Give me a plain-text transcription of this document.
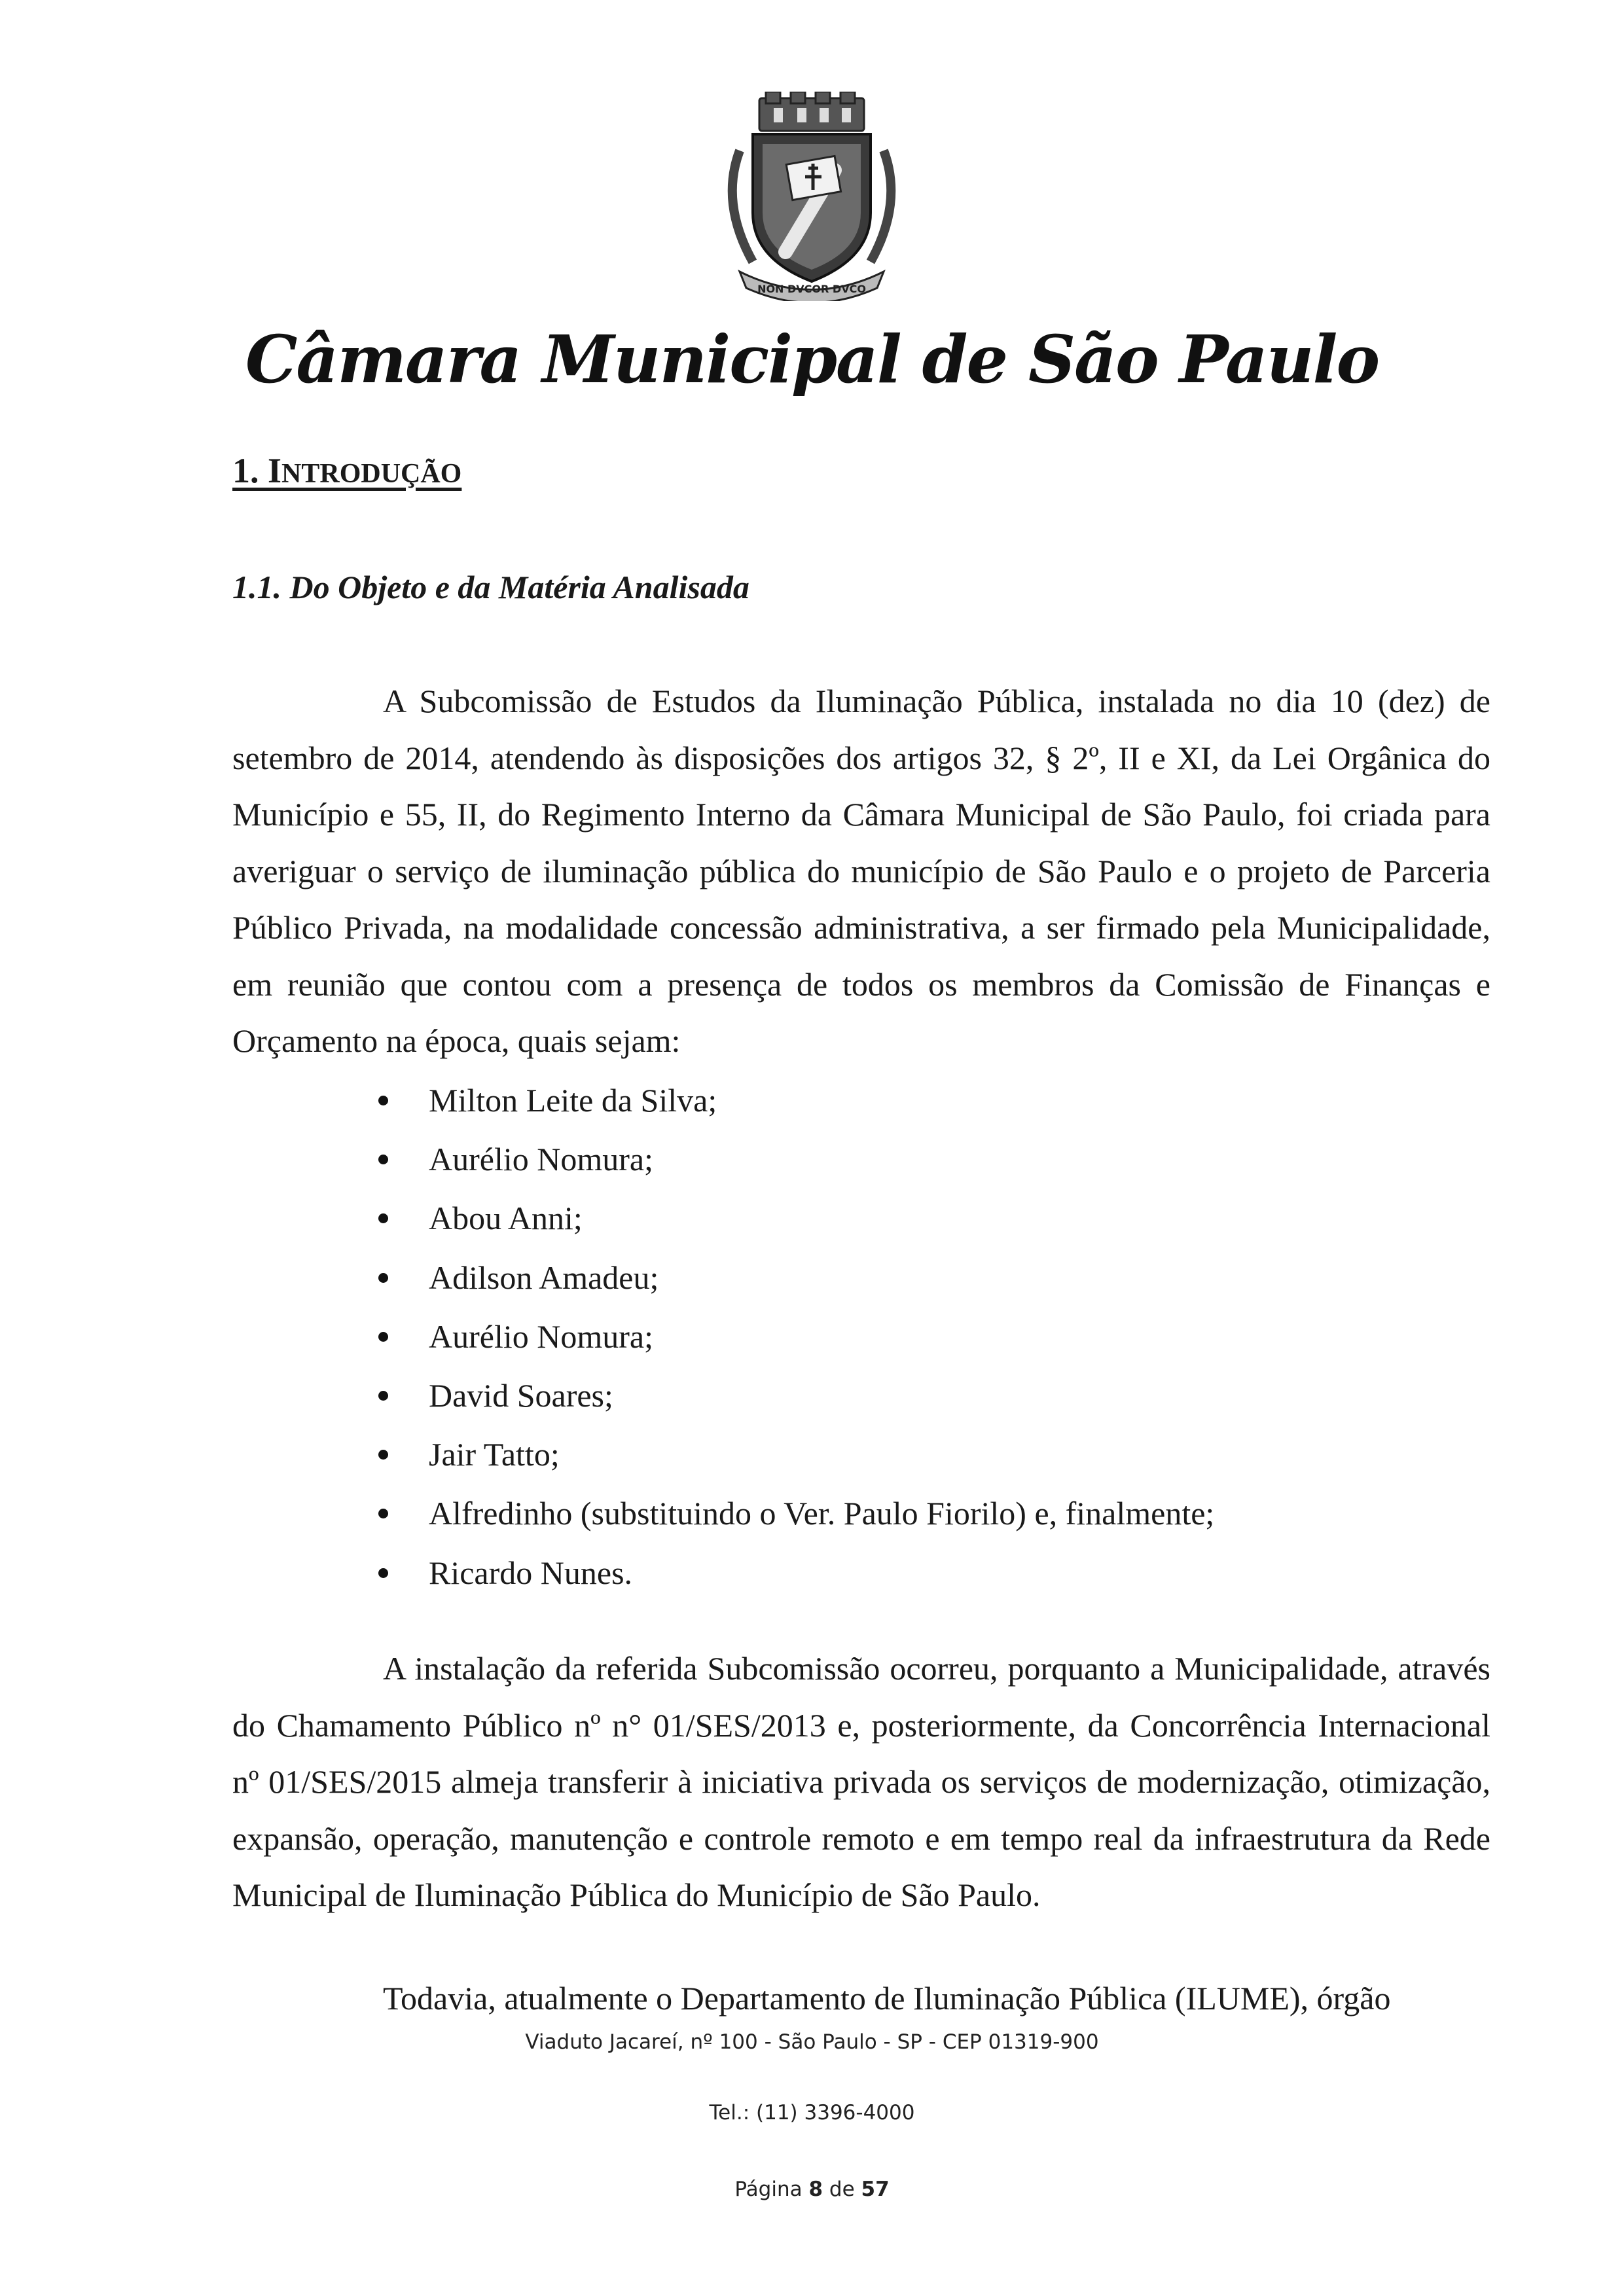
NON DVCOR DVCO
Câmara Municipal de São Paulo
1. INTRODUÇÃO
1.1. Do Objeto e da Matéria Analisada

A Subcomissão de Estudos da Iluminação Pública, instalada no dia 10 (dez) de setembro de 2014, atendendo às disposições dos artigos 32, § 2º, II e XI, da Lei Orgânica do Município e 55, II, do Regimento Interno da Câmara Municipal de São Paulo, foi criada para averiguar o serviço de iluminação pública do município de São Paulo e o projeto de Parceria Público Privada, na modalidade concessão administrativa, a ser firmado pela Municipalidade, em reunião que contou com a presença de todos os membros da Comissão de Finanças e Orçamento na época, quais sejam:

Milton Leite da Silva;
Aurélio Nomura;
Abou Anni;
Adilson Amadeu;
Aurélio Nomura;
David Soares;
Jair Tatto;
Alfredinho (substituindo o Ver. Paulo Fiorilo) e, finalmente;
Ricardo Nunes.

A instalação da referida Subcomissão ocorreu, porquanto a Municipalidade, através do Chamamento Público nº n° 01/SES/2013 e, posteriormente, da Concorrência Internacional nº 01/SES/2015 almeja transferir à iniciativa privada os serviços de modernização, otimização, expansão, operação, manutenção e controle remoto e em tempo real da infraestrutura da Rede Municipal de Iluminação Pública do Município de São Paulo.

Todavia, atualmente o Departamento de Iluminação Pública (ILUME), órgão

Viaduto Jacareí, nº 100 - São Paulo - SP - CEP 01319-900
Tel.: (11) 3396-4000
Página 8 de 57
